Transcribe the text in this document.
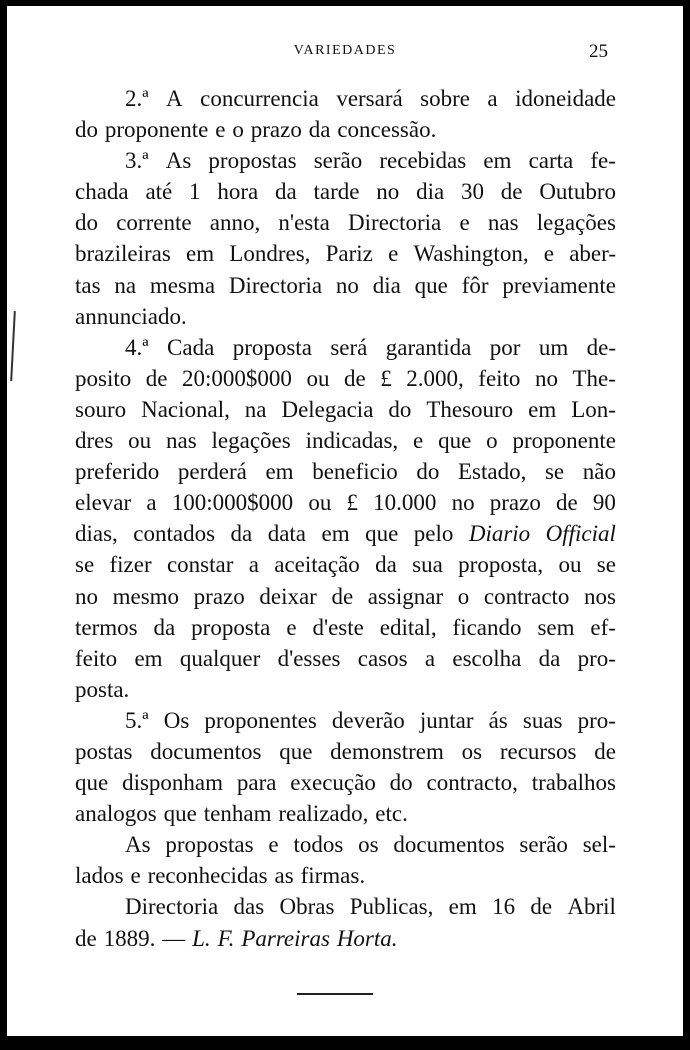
VARIEDADES	25
2.ª A concurrencia versará sobre a idoneidade
do proponente e o prazo da concessão.
3.ª As propostas serão recebidas em carta fe-
chada até 1 hora da tarde no dia 30 de Outubro
do corrente anno, n'esta Directoria e nas legações
brazileiras em Londres, Pariz e Washington, e aber-
tas na mesma Directoria no dia que fôr previamente
annunciado.
4.ª Cada proposta será garantida por um de-
posito de 20:000$000 ou de £ 2.000, feito no The-
souro Nacional, na Delegacia do Thesouro em Lon-
dres ou nas legações indicadas, e que o proponente
preferido perderá em beneficio do Estado, se não
elevar a 100:000$000 ou £ 10.000 no prazo de 90
dias, contados da data em que pelo Diario Official
se fizer constar a aceitação da sua proposta, ou se
no mesmo prazo deixar de assignar o contracto nos
termos da proposta e d'este edital, ficando sem ef-
feito em qualquer d'esses casos a escolha da pro-
posta.
5.ª Os proponentes deverão juntar ás suas pro-
postas documentos que demonstrem os recursos de
que disponham para execução do contracto, trabalhos
analogos que tenham realizado, etc.
As propostas e todos os documentos serão sel-
lados e reconhecidas as firmas.
Directoria das Obras Publicas, em 16 de Abril
de 1889. — L. F. Parreiras Horta.
